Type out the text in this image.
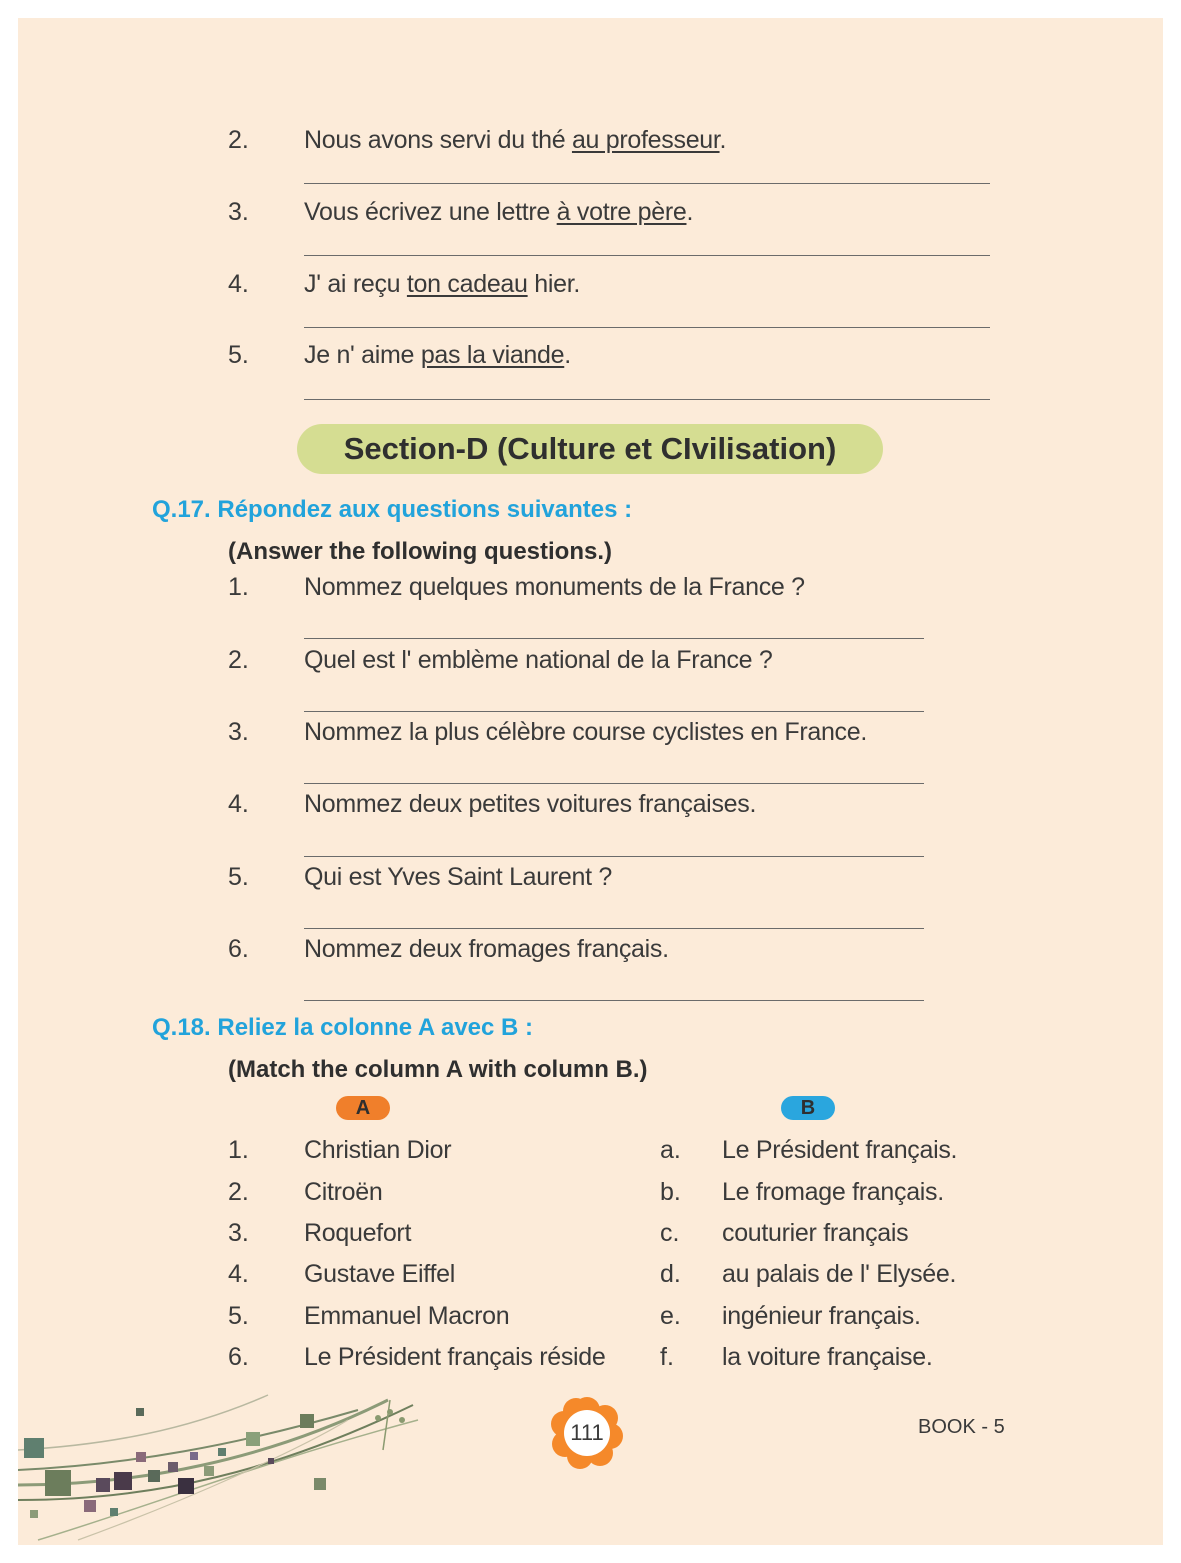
2. Nous avons servi du thé au professeur.
3. Vous écrivez une lettre à votre père.
4. J' ai reçu ton cadeau hier.
5. Je n' aime pas la viande.
Section-D (Culture et CIvilisation)
Q.17. Répondez aux questions suivantes :
(Answer the following questions.)
1. Nommez quelques monuments de la France ?
2. Quel est l' emblème national de la France ?
3. Nommez la plus célèbre course cyclistes en France.
4. Nommez deux petites voitures françaises.
5. Qui est Yves Saint Laurent ?
6. Nommez deux fromages français.
Q.18. Reliez la colonne A avec B :
(Match the column A with column B.)
A	B
1. Christian Dior
2. Citroën
3. Roquefort
4. Gustave Eiffel
5. Emmanuel Macron
6. Le Président français réside
a. Le Président français.
b. Le fromage français.
c. couturier français
d. au palais de l' Elysée.
e. ingénieur français.
f. la voiture française.
111	BOOK - 5
